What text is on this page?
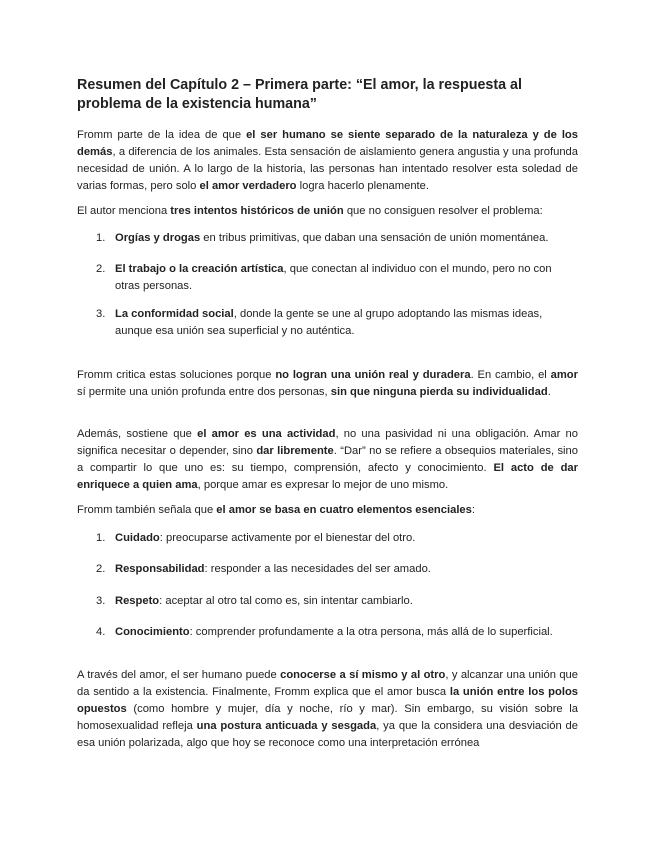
Resumen del Capítulo 2 – Primera parte: “El amor, la respuesta al problema de la existencia humana”

Fromm parte de la idea de que el ser humano se siente separado de la naturaleza y de los demás, a diferencia de los animales. Esta sensación de aislamiento genera angustia y una profunda necesidad de unión. A lo largo de la historia, las personas han intentado resolver esta soledad de varias formas, pero solo el amor verdadero logra hacerlo plenamente.

El autor menciona tres intentos históricos de unión que no consiguen resolver el problema:

1. Orgías y drogas en tribus primitivas, que daban una sensación de unión momentánea.
2. El trabajo o la creación artística, que conectan al individuo con el mundo, pero no con otras personas.
3. La conformidad social, donde la gente se une al grupo adoptando las mismas ideas, aunque esa unión sea superficial y no auténtica.

Fromm critica estas soluciones porque no logran una unión real y duradera. En cambio, el amor sí permite una unión profunda entre dos personas, sin que ninguna pierda su individualidad.

Además, sostiene que el amor es una actividad, no una pasividad ni una obligación. Amar no significa necesitar o depender, sino dar libremente. “Dar” no se refiere a obsequios materiales, sino a compartir lo que uno es: su tiempo, comprensión, afecto y conocimiento. El acto de dar enriquece a quien ama, porque amar es expresar lo mejor de uno mismo.

Fromm también señala que el amor se basa en cuatro elementos esenciales:

1. Cuidado: preocuparse activamente por el bienestar del otro.
2. Responsabilidad: responder a las necesidades del ser amado.
3. Respeto: aceptar al otro tal como es, sin intentar cambiarlo.
4. Conocimiento: comprender profundamente a la otra persona, más allá de lo superficial.

A través del amor, el ser humano puede conocerse a sí mismo y al otro, y alcanzar una unión que da sentido a la existencia. Finalmente, Fromm explica que el amor busca la unión entre los polos opuestos (como hombre y mujer, día y noche, río y mar). Sin embargo, su visión sobre la homosexualidad refleja una postura anticuada y sesgada, ya que la considera una desviación de esa unión polarizada, algo que hoy se reconoce como una interpretación errónea
